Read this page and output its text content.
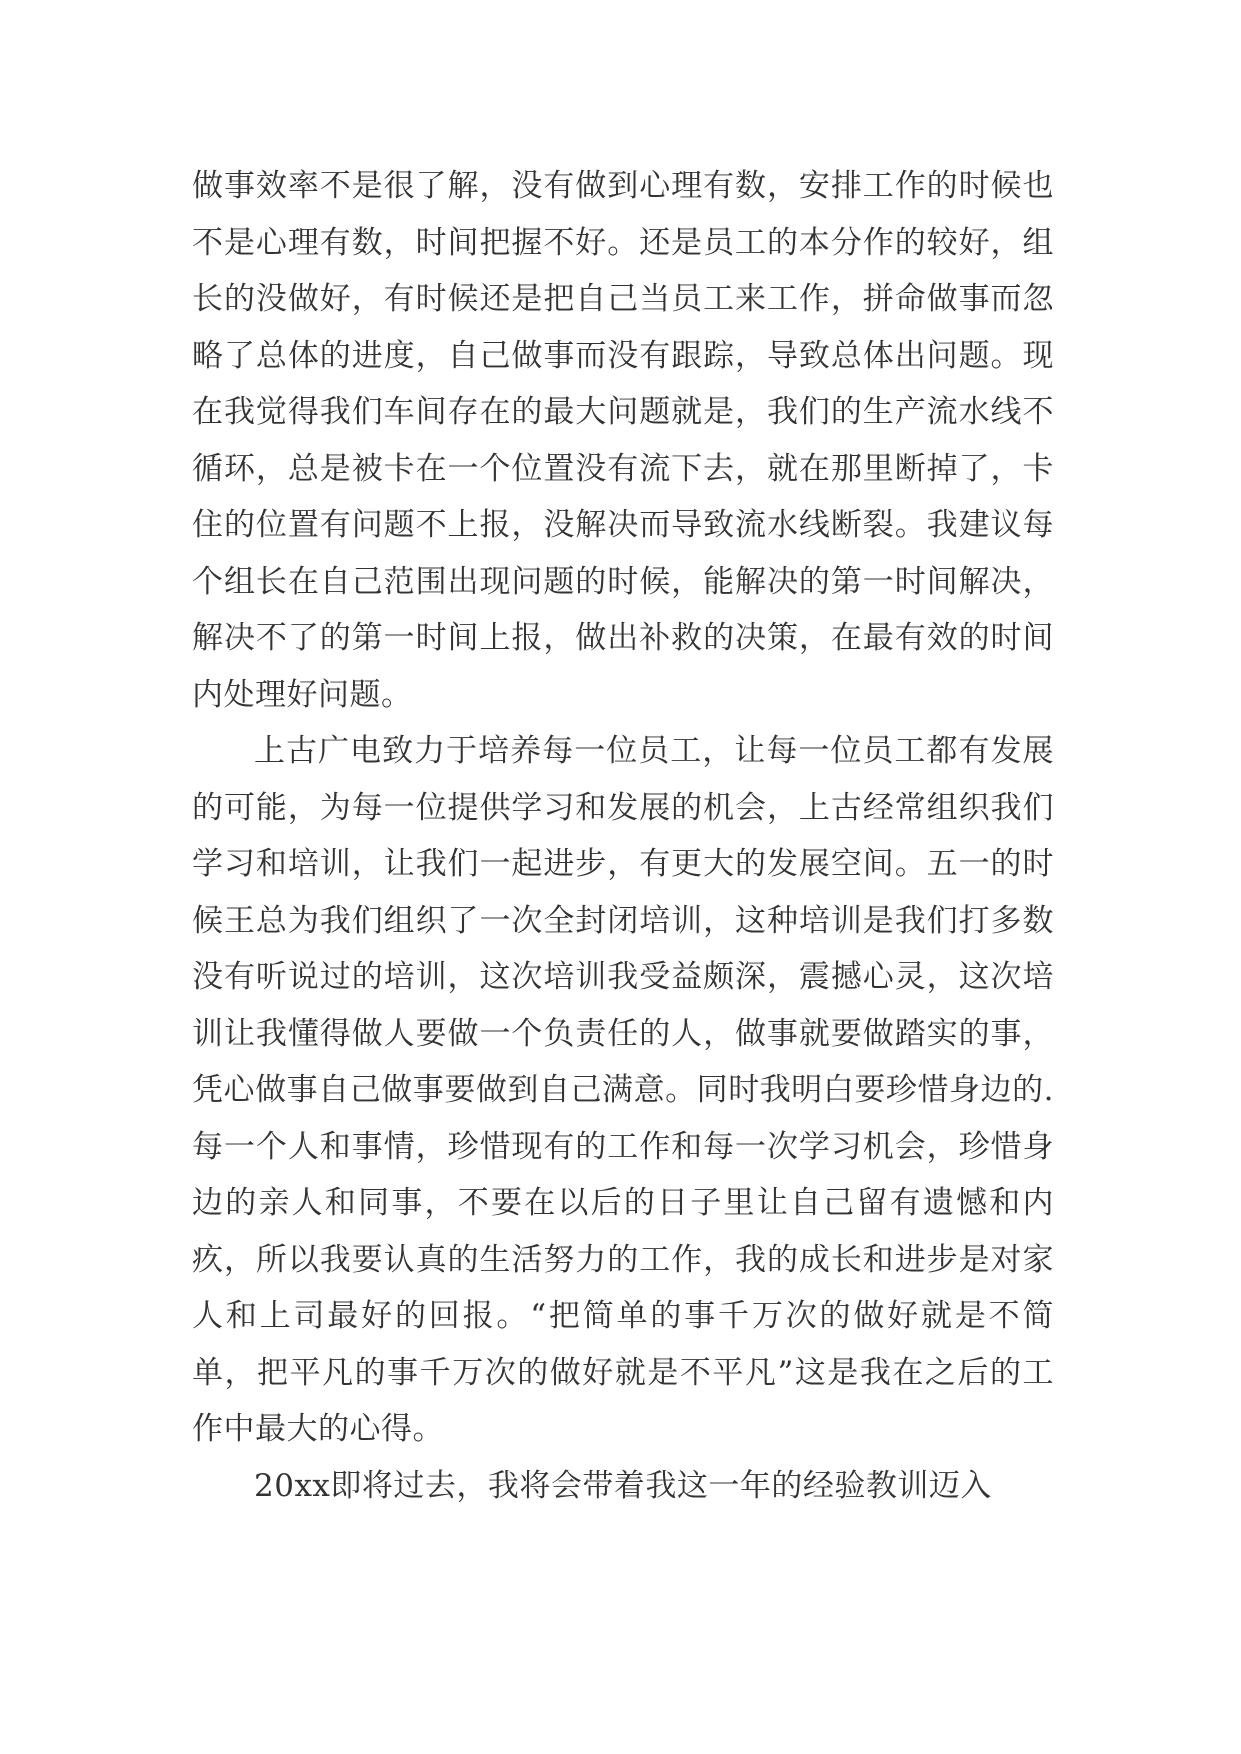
做事效率不是很了解，没有做到心理有数，安排工作的时候也不是心理有数，时间把握不好。还是员工的本分作的较好，组长的没做好，有时候还是把自己当员工来工作，拼命做事而忽略了总体的进度，自己做事而没有跟踪，导致总体出问题。现在我觉得我们车间存在的最大问题就是，我们的生产流水线不循环，总是被卡在一个位置没有流下去，就在那里断掉了，卡住的位置有问题不上报，没解决而导致流水线断裂。我建议每个组长在自己范围出现问题的时候，能解决的第一时间解决，解决不了的第一时间上报，做出补救的决策，在最有效的时间内处理好问题。

上古广电致力于培养每一位员工，让每一位员工都有发展的可能，为每一位提供学习和发展的机会，上古经常组织我们学习和培训，让我们一起进步，有更大的发展空间。五一的时候王总为我们组织了一次全封闭培训，这种培训是我们打多数没有听说过的培训，这次培训我受益颇深，震撼心灵，这次培训让我懂得做人要做一个负责任的人，做事就要做踏实的事，凭心做事自己做事要做到自己满意。同时我明白要珍惜身边的.每一个人和事情，珍惜现有的工作和每一次学习机会，珍惜身边的亲人和同事，不要在以后的日子里让自己留有遗憾和内疚，所以我要认真的生活努力的工作，我的成长和进步是对家人和上司最好的回报。“把简单的事千万次的做好就是不简单，把平凡的事千万次的做好就是不平凡”这是我在之后的工作中最大的心得。

20xx即将过去，我将会带着我这一年的经验教训迈入
